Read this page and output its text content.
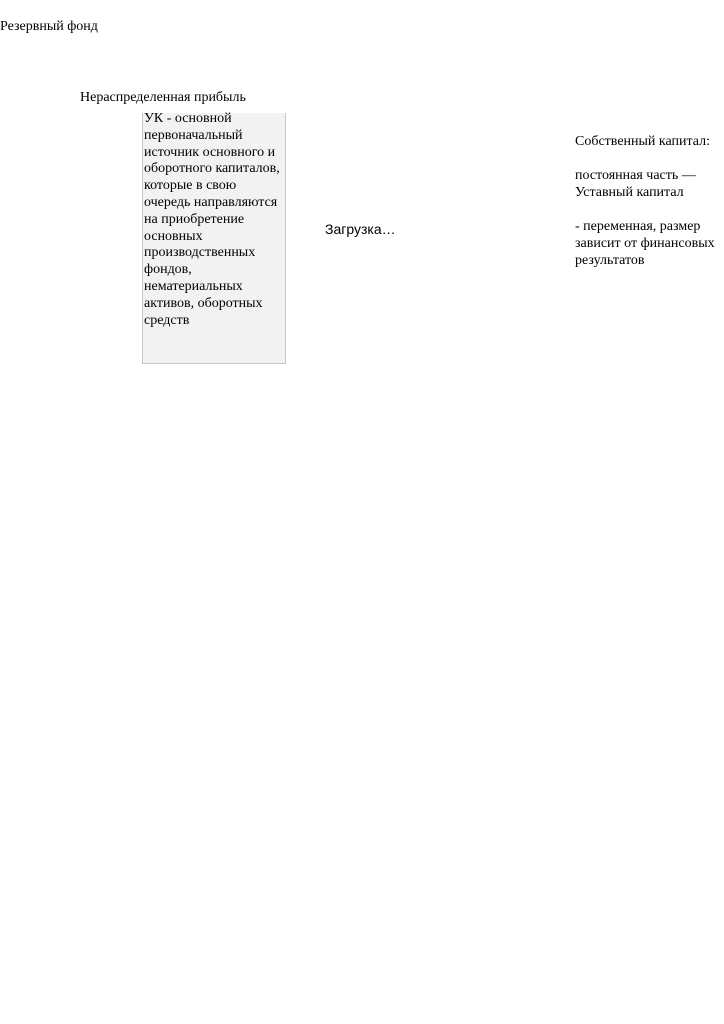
Резервный фонд
Нераспределенная прибыль
УК - основной первоначальный источник основного и оборотного капиталов, которые в свою очередь направляются на приобретение основных производственных фондов, нематериальных активов, оборотных средств
Загрузка…

Собственный капитал:

постоянная часть —

Уставный капитал

- переменная, размер зависит от финансовых результатов
